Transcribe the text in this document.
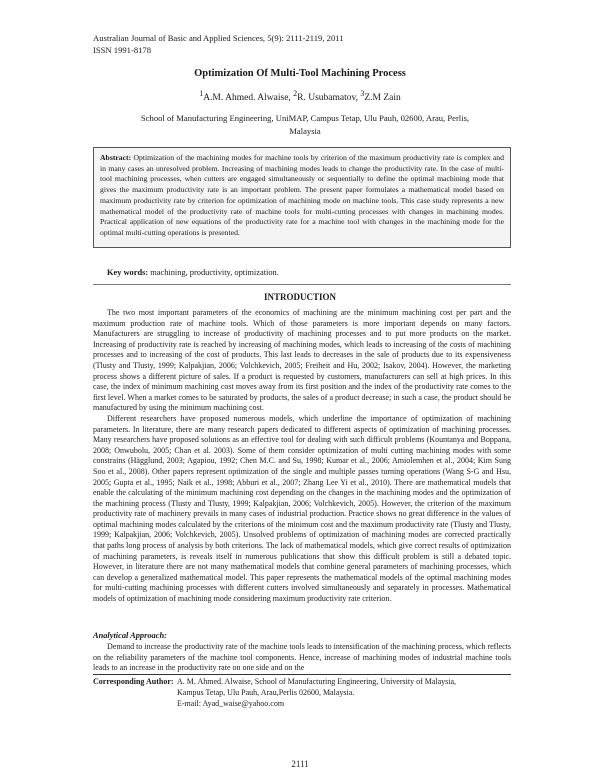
Australian Journal of Basic and Applied Sciences, 5(9): 2111-2119, 2011
ISSN 1991-8178
Optimization Of Multi-Tool Machining Process
$^1$A.M. Ahmed. Alwaise, $^2$R. Usubamatov, $^3$Z.M Zain
School of Manufacturing Engineering, UniMAP, Campus Tetap, Ulu Pauh, 02600, Arau, Perlis, Malaysia
Abstract: Optimization of the machining modes for machine tools by criterion of the maximum productivity rate is complex and in many cases an unresolved problem. Increasing of machining modes leads to change the productivity rate. In the case of multi-tool machining processes, when cutters are engaged simultaneously or sequentially to define the optimal machining mode that gives the maximum productivity rate is an important problem. The present paper formulates a mathematical model based on maximum productivity rate by criterion for optimization of machining mode on machine tools. This case study represents a new mathematical model of the productivity rate of machine tools for multi-cutting processes with changes in machining modes. Practical application of new equations of the productivity rate for a machine tool with changes in the machining mode for the optimal multi-cutting operations is presented.
Key words: machining, productivity, optimization.
INTRODUCTION

The two most important parameters of the economics of machining are the minimum machining cost per part and the maximum production rate of machine tools. Which of those parameters is more important depends on many factors. Manufacturers are struggling to increase of productivity of machining processes and to put more products on the market. Increasing of productivity rate is reached by increasing of machining modes, which leads to increasing of the costs of machining processes and to increasing of the cost of products. This last leads to decreases in the sale of products due to its expensiveness (Tlusty and Tlusty, 1999; Kalpakjian, 2006; Volchkevich, 2005; Freiheit and Hu, 2002; Isakov, 2004). However, the marketing process shows a different picture of sales. If a product is requested by customers, manufacturers can sell at high prices. In this case, the index of minimum machining cost moves away from its first position and the index of the productivity rate comes to the first level. When a market comes to be saturated by products, the sales of a product decrease; in such a case, the product should be manufactured by using the minimum machining cost.

Different researchers have proposed numerous models, which underline the importance of optimization of machining parameters. In literature, there are many research papers dedicated to different aspects of optimization of machining processes. Many researchers have proposed solutions as an effective tool for dealing with such difficult problems (Kountanya and Boppana, 2008; Onwubolu, 2005; Chan et al. 2003). Some of them consider optimization of multi cutting machining modes with some constrains (Hägglund, 2003; Agapiou, 1992; Chen M.C. and Su, 1998; Kumar et al., 2006; Amiolemhen et al., 2004; Kim Sung Soo et al., 2008). Other papers represent optimization of the single and multiple passes turning operations (Wang S-G and Hsu, 2005; Gupta et al., 1995; Naik et al., 1998; Abburi et al., 2007; Zhang Lee Yi et al., 2010). There are mathematical models that enable the calculating of the minimum machining cost depending on the changes in the machining modes and the optimization of the machining process (Tlusty and Tlusty, 1999; Kalpakjian, 2006; Volchkevich, 2005). However, the criterion of the maximum productivity rate of machinery prevails in many cases of industrial production. Practice shows no great difference in the values of optimal machining modes calculated by the criterions of the minimum cost and the maximum productivity rate (Tlusty and Tlusty, 1999; Kalpakjian, 2006; Volchkevich, 2005). Unsolved problems of optimization of machining modes are corrected practically that paths long process of analysis by both criterions. The lack of mathematical models, which give correct results of optimization of machining parameters, is reveals itself in numerous publications that show this difficult problem is still a debated topic. However, in literature there are not many mathematical models that combine general parameters of machining processes, which can develop a generalized mathematical model. This paper represents the mathematical models of the optimal machining modes for multi-cutting machining processes with different cutters involved simultaneously and separately in processes. Mathematical models of optimization of machining mode considering maximum productivity rate criterion.

Analytical Approach:
Demand to increase the productivity rate of the machine tools leads to intensification of the machining process, which reflects on the reliability parameters of the machine tool components. Hence, increase of machining modes of industrial machine tools leads to an increase in the productivity rate on one side and on the
Corresponding Author: A. M. Ahmed. Alwaise, School of Manufacturing Engineering, University of Malaysia,
Kampus Tetap, Ulu Pauh, Arau,Perlis 02600, Malaysia.
E-mail: Ayad_waise@yahoo.com
2111
